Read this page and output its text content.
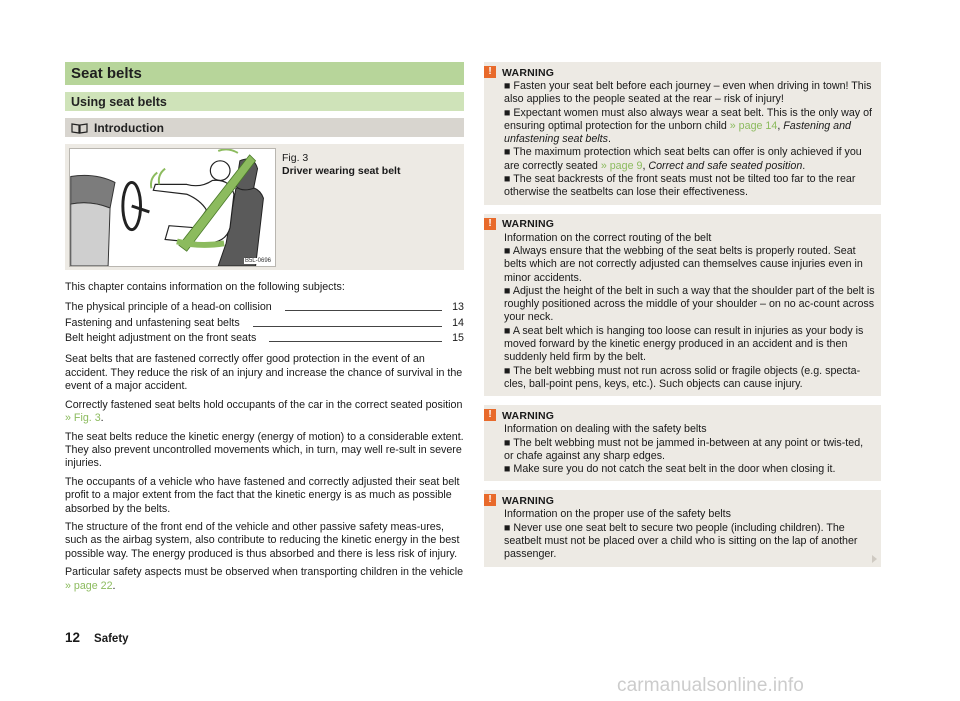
Seat belts
Using seat belts
Introduction
B5L-0696
Fig. 3
Driver wearing seat belt
This chapter contains information on the following subjects:
The physical principle of a head-on collision	13
Fastening and unfastening seat belts	14
Belt height adjustment on the front seats	15
Seat belts that are fastened correctly offer good protection in the event of an accident. They reduce the risk of an injury and increase the chance of survival in the event of a major accident.
Correctly fastened seat belts hold occupants of the car in the correct seated position » Fig. 3.
The seat belts reduce the kinetic energy (energy of motion) to a considerable extent. They also prevent uncontrolled movements which, in turn, may well re-sult in severe injuries.
The occupants of a vehicle who have fastened and correctly adjusted their seat belt profit to a major extent from the fact that the kinetic energy is as much as possible absorbed by the belts.
The structure of the front end of the vehicle and other passive safety meas-ures, such as the airbag system, also contribute to reducing the kinetic energy in the best possible way. The energy produced is thus absorbed and there is less risk of injury.
Particular safety aspects must be observed when transporting children in the vehicle » page 22.
! WARNING
■ Fasten your seat belt before each journey – even when driving in town! This also applies to the people seated at the rear – risk of injury!
■ Expectant women must also always wear a seat belt. This is the only way of ensuring optimal protection for the unborn child » page 14, Fastening and unfastening seat belts.
■ The maximum protection which seat belts can offer is only achieved if you are correctly seated » page 9, Correct and safe seated position.
■ The seat backrests of the front seats must not be tilted too far to the rear otherwise the seatbelts can lose their effectiveness.
! WARNING
Information on the correct routing of the belt
■ Always ensure that the webbing of the seat belts is properly routed. Seat belts which are not correctly adjusted can themselves cause injuries even in minor accidents.
■ Adjust the height of the belt in such a way that the shoulder part of the belt is roughly positioned across the middle of your shoulder – on no ac-count across your neck.
■ A seat belt which is hanging too loose can result in injuries as your body is moved forward by the kinetic energy produced in an accident and is then suddenly held firm by the belt.
■ The belt webbing must not run across solid or fragile objects (e.g. specta-cles, ball-point pens, keys, etc.). Such objects can cause injury.
! WARNING
Information on dealing with the safety belts
■ The belt webbing must not be jammed in-between at any point or twis-ted, or chafe against any sharp edges.
■ Make sure you do not catch the seat belt in the door when closing it.
! WARNING
Information on the proper use of the safety belts
■ Never use one seat belt to secure two people (including children). The seatbelt must not be placed over a child who is sitting on the lap of another passenger.
12 Safety
carmanualsonline.info
